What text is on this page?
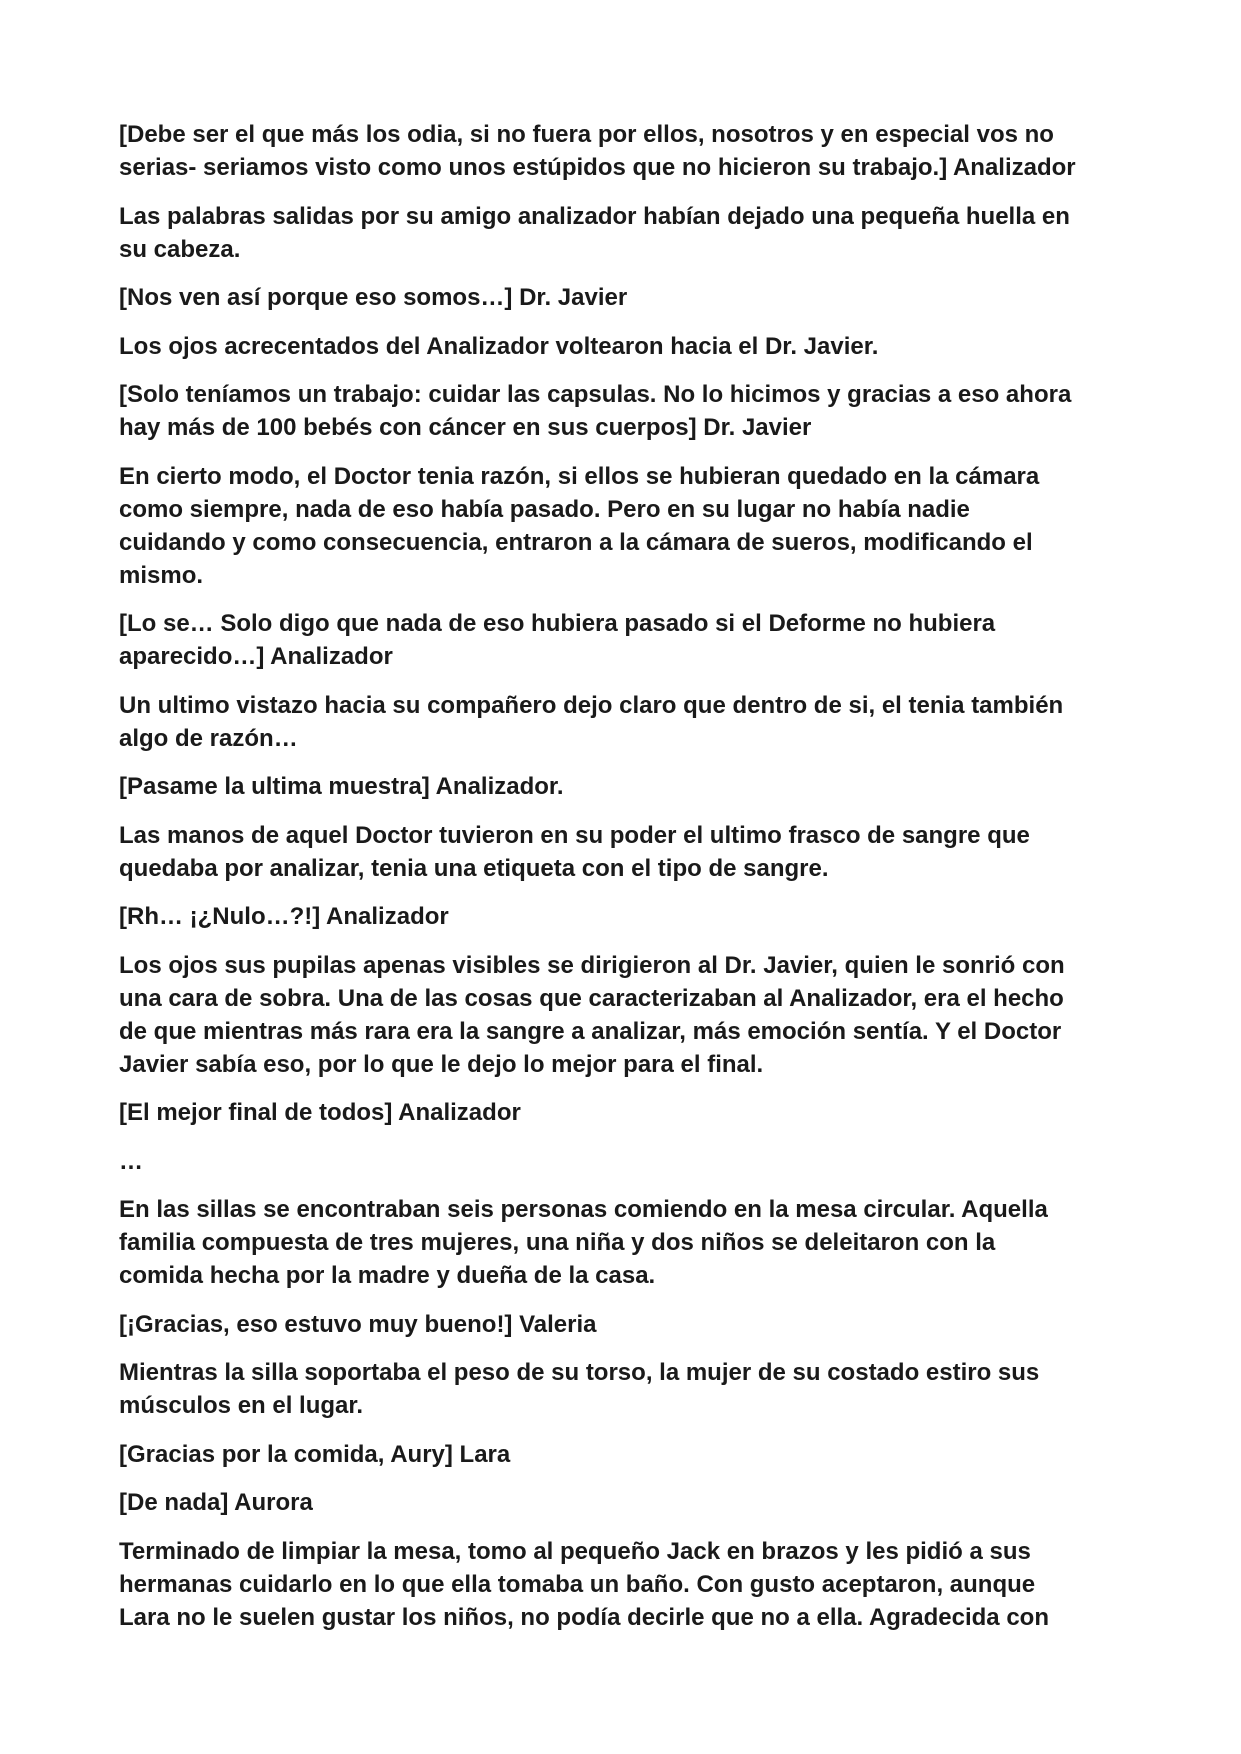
[Debe ser el que más los odia, si no fuera por ellos, nosotros y en especial vos no
serias- seriamos visto como unos estúpidos que no hicieron su trabajo.] Analizador

Las palabras salidas por su amigo analizador habían dejado una pequeña huella en
su cabeza.

[Nos ven así porque eso somos…] Dr. Javier

Los ojos acrecentados del Analizador voltearon hacia el Dr. Javier.

[Solo teníamos un trabajo: cuidar las capsulas. No lo hicimos y gracias a eso ahora
hay más de 100 bebés con cáncer en sus cuerpos] Dr. Javier

En cierto modo, el Doctor tenia razón, si ellos se hubieran quedado en la cámara
como siempre, nada de eso había pasado. Pero en su lugar no había nadie
cuidando y como consecuencia, entraron a la cámara de sueros, modificando el
mismo.

[Lo se… Solo digo que nada de eso hubiera pasado si el Deforme no hubiera
aparecido…] Analizador

Un ultimo vistazo hacia su compañero dejo claro que dentro de si, el tenia también
algo de razón…

[Pasame la ultima muestra] Analizador.

Las manos de aquel Doctor tuvieron en su poder el ultimo frasco de sangre que
quedaba por analizar, tenia una etiqueta con el tipo de sangre.

[Rh… ¡¿Nulo…?!] Analizador

Los ojos sus pupilas apenas visibles se dirigieron al Dr. Javier, quien le sonrió con
una cara de sobra. Una de las cosas que caracterizaban al Analizador, era el hecho
de que mientras más rara era la sangre a analizar, más emoción sentía. Y el Doctor
Javier sabía eso, por lo que le dejo lo mejor para el final.

[El mejor final de todos] Analizador

…

En las sillas se encontraban seis personas comiendo en la mesa circular. Aquella
familia compuesta de tres mujeres, una niña y dos niños se deleitaron con la
comida hecha por la madre y dueña de la casa.

[¡Gracias, eso estuvo muy bueno!] Valeria

Mientras la silla soportaba el peso de su torso, la mujer de su costado estiro sus
músculos en el lugar.

[Gracias por la comida, Aury] Lara

[De nada] Aurora

Terminado de limpiar la mesa, tomo al pequeño Jack en brazos y les pidió a sus
hermanas cuidarlo en lo que ella tomaba un baño. Con gusto aceptaron, aunque
Lara no le suelen gustar los niños, no podía decirle que no a ella. Agradecida con
